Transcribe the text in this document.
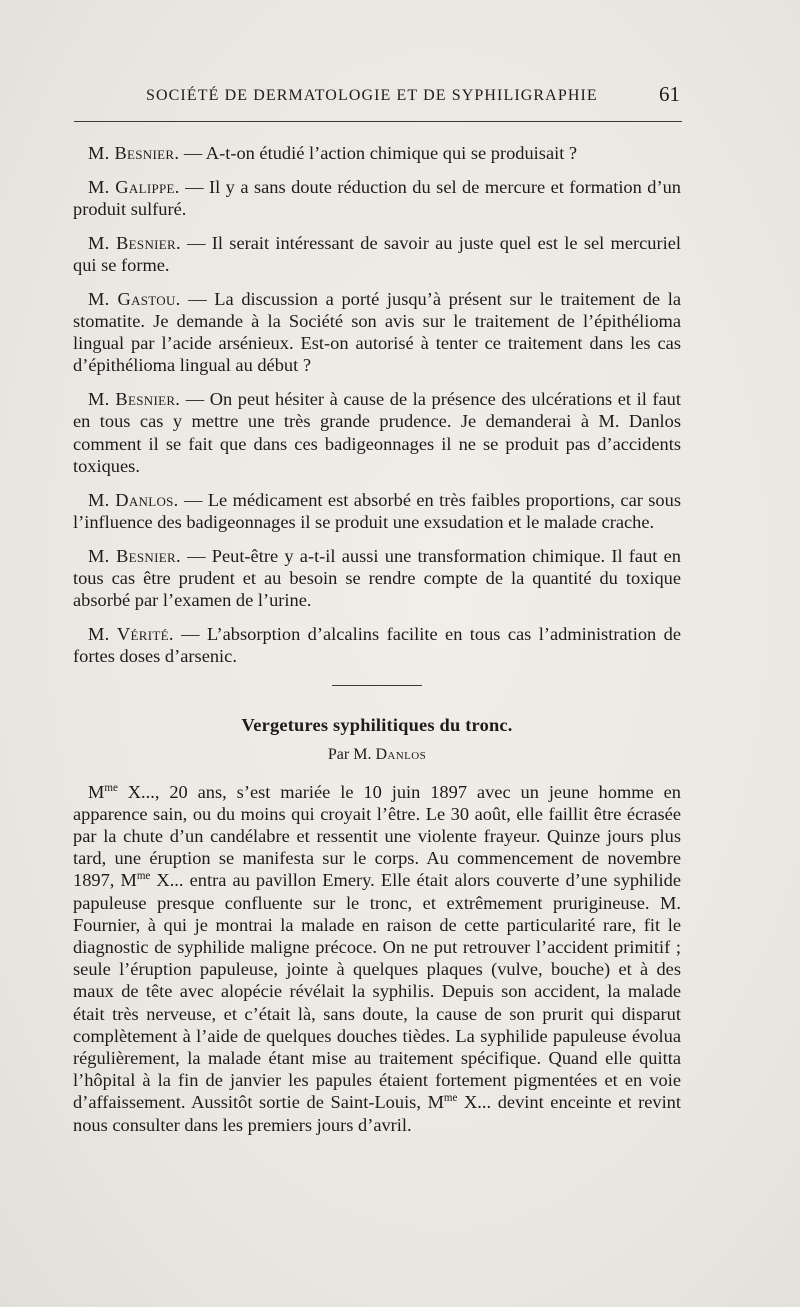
SOCIÉTÉ DE DERMATOLOGIE ET DE SYPHILIGRAPHIE	61

M. Besnier. — A-t-on étudié l’action chimique qui se produisait ?

M. Galippe. — Il y a sans doute réduction du sel de mercure et formation d’un produit sulfuré.

M. Besnier. — Il serait intéressant de savoir au juste quel est le sel mercuriel qui se forme.

M. Gastou. — La discussion a porté jusqu’à présent sur le traitement de la stomatite. Je demande à la Société son avis sur le traitement de l’épithélioma lingual par l’acide arsénieux. Est-on autorisé à tenter ce traitement dans les cas d’épithélioma lingual au début ?

M. Besnier. — On peut hésiter à cause de la présence des ulcérations et il faut en tous cas y mettre une très grande prudence. Je demanderai à M. Danlos comment il se fait que dans ces badigeonnages il ne se produit pas d’accidents toxiques.

M. Danlos. — Le médicament est absorbé en très faibles proportions, car sous l’influence des badigeonnages il se produit une exsudation et le malade crache.

M. Besnier. — Peut-être y a-t-il aussi une transformation chimique. Il faut en tous cas être prudent et au besoin se rendre compte de la quantité du toxique absorbé par l’examen de l’urine.

M. Vérité. — L’absorption d’alcalins facilite en tous cas l’administration de fortes doses d’arsenic.

Vergetures syphilitiques du tronc.
Par M. Danlos

$M^{me}$ X..., 20 ans, s’est mariée le 10 juin 1897 avec un jeune homme en apparence sain, ou du moins qui croyait l’être. Le 30 août, elle faillit être écrasée par la chute d’un candélabre et ressentit une violente frayeur. Quinze jours plus tard, une éruption se manifesta sur le corps. Au commencement de novembre 1897, $M^{me}$ X... entra au pavillon Emery. Elle était alors couverte d’une syphilide papuleuse presque confluente sur le tronc, et extrêmement prurigineuse. M. Fournier, à qui je montrai la malade en raison de cette particularité rare, fit le diagnostic de syphilide maligne précoce. On ne put retrouver l’accident primitif ; seule l’éruption papuleuse, jointe à quelques plaques (vulve, bouche) et à des maux de tête avec alopécie révélait la syphilis. Depuis son accident, la malade était très nerveuse, et c’était là, sans doute, la cause de son prurit qui disparut complètement à l’aide de quelques douches tièdes. La syphilide papuleuse évolua régulièrement, la malade étant mise au traitement spécifique. Quand elle quitta l’hôpital à la fin de janvier les papules étaient fortement pigmentées et en voie d’affaissement. Aussitôt sortie de Saint-Louis, $M^{me}$ X... devint enceinte et revint nous consulter dans les premiers jours d’avril.
